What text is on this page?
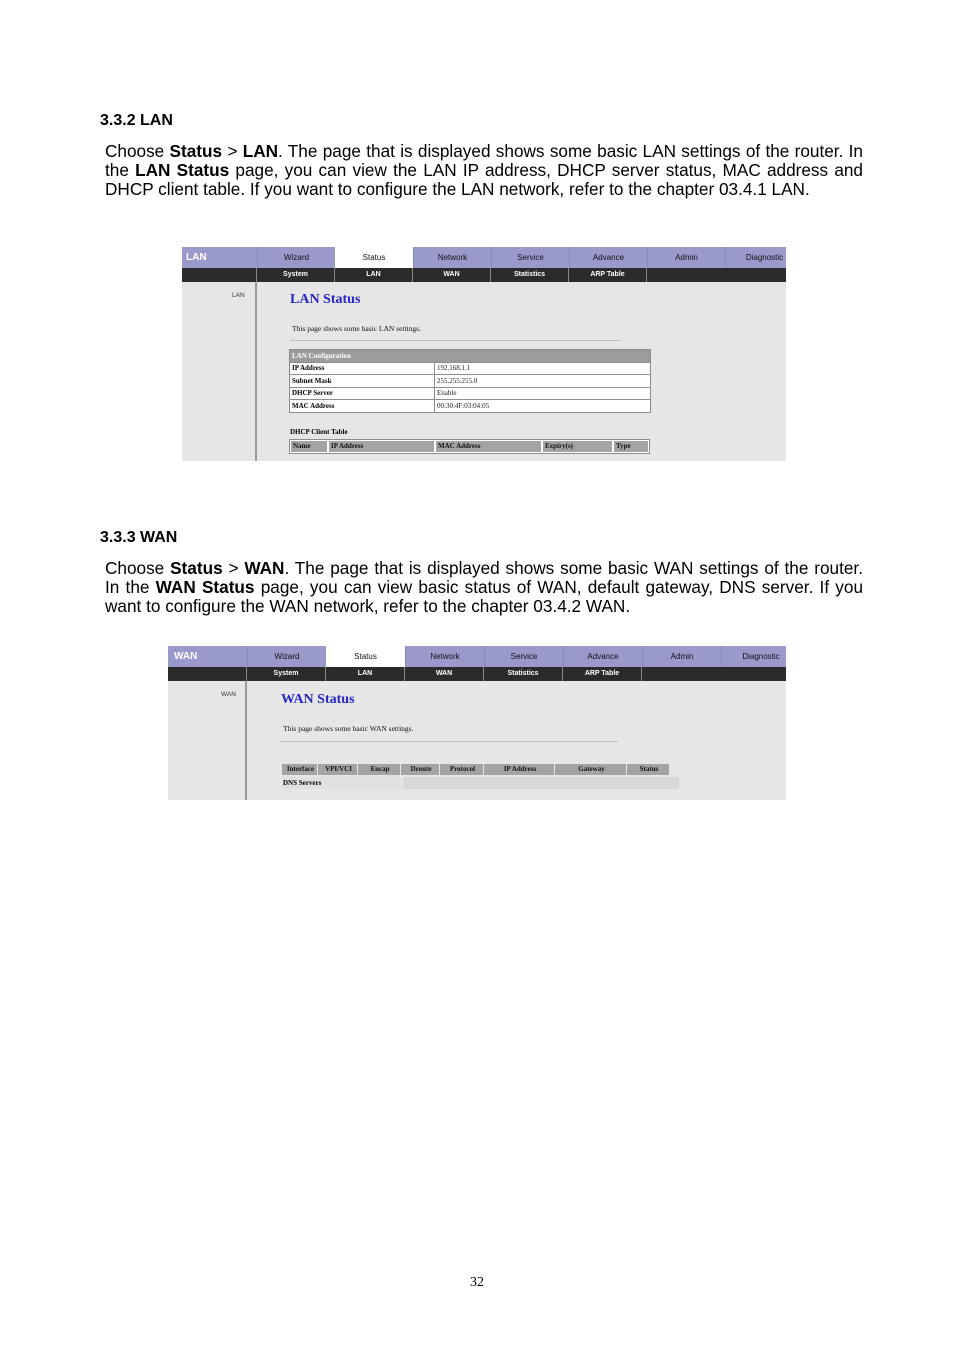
3.3.2 LAN
Choose Status > LAN. The page that is displayed shows some basic LAN settings of the router. In the LAN Status page, you can view the LAN IP address, DHCP server status, MAC address and DHCP client table. If you want to configure the LAN network, refer to the chapter 03.4.1 LAN.
LAN	Wizard	Status	Network	Service	Advance	Admin	Diagnostic
System	LAN	WAN	Statistics	ARP Table
LAN	LAN Status
This page shows some basic LAN settings.
LAN Configuration	
IP Address	192.168.1.1
Subnet Mask	255.255.255.0
DHCP Server	Enable
MAC Address	00:30:4F:03:04:05
DHCP Client Table
Name	IP Address	MAC Address	Expiry(s)	Type
3.3.3 WAN
Choose Status > WAN. The page that is displayed shows some basic WAN settings of the router. In the WAN Status page, you can view basic status of WAN, default gateway, DNS server. If you want to configure the WAN network, refer to the chapter 03.4.2 WAN.
WAN	Wizard	Status	Network	Service	Advance	Admin	Diagnostic
System	LAN	WAN	Statistics	ARP Table
WAN	WAN Status
This page shows some basic WAN settings.
Interface	VPI/VCI	Encap	Droute	Protocol	IP Address	Gateway	Status
DNS Servers
32
